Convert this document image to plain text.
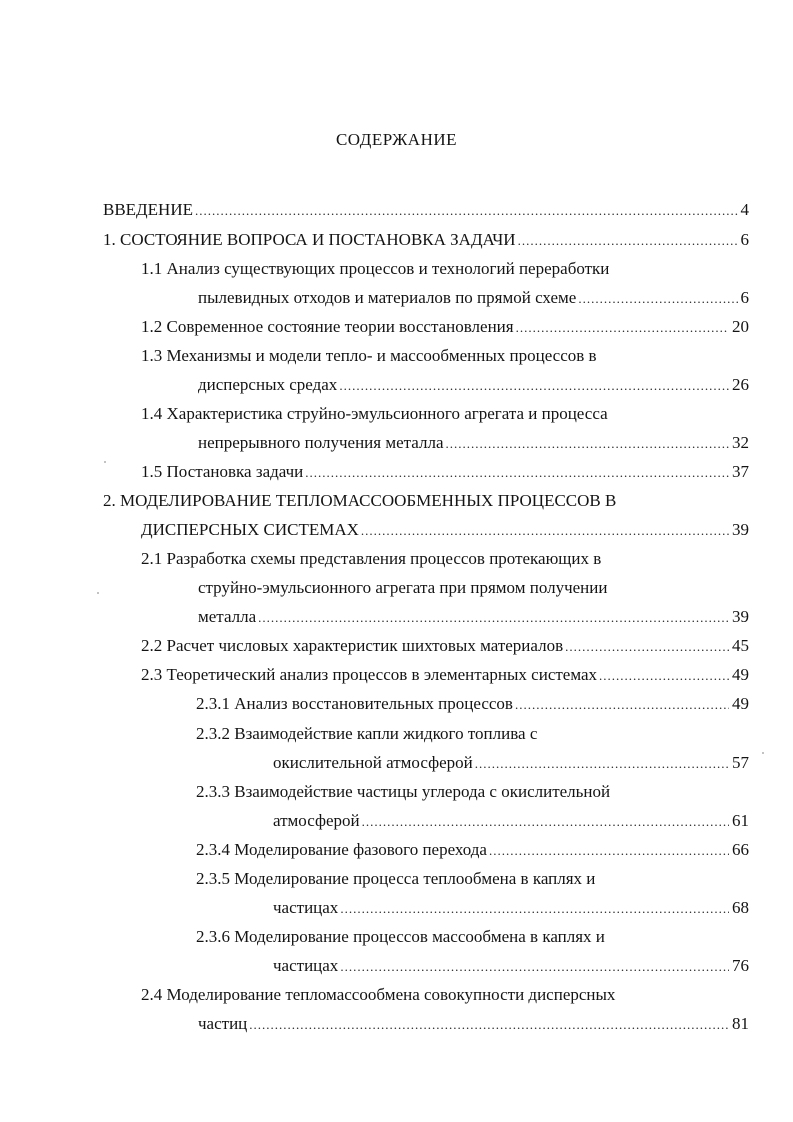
СОДЕРЖАНИЕ
ВВЕДЕНИЕ .....	4
1. СОСТОЯНИЕ ВОПРОСА И ПОСТАНОВКА ЗАДАЧИ .....	6
1.1 Анализ существующих процессов и технологий переработки
пылевидных отходов и материалов по прямой схеме .....	6
1.2 Современное состояние теории восстановления .....	20
1.3 Механизмы и модели тепло- и массообменных процессов в
дисперсных средах .....	26
1.4 Характеристика струйно-эмульсионного агрегата и процесса
непрерывного получения металла .....	32
1.5 Постановка задачи .....	37
2. МОДЕЛИРОВАНИЕ ТЕПЛОМАССООБМЕННЫХ ПРОЦЕССОВ В
ДИСПЕРСНЫХ СИСТЕМАХ .....	39
2.1 Разработка схемы представления процессов протекающих в
струйно-эмульсионного агрегата при прямом получении
металла .....	39
2.2 Расчет числовых характеристик шихтовых материалов .....	45
2.3 Теоретический анализ процессов в элементарных системах .....	49
2.3.1 Анализ восстановительных процессов .....	49
2.3.2 Взаимодействие капли жидкого топлива с
окислительной атмосферой .....	57
2.3.3 Взаимодействие частицы углерода с окислительной
атмосферой .....	61
2.3.4 Моделирование фазового перехода .....	66
2.3.5 Моделирование процесса теплообмена в каплях и
частицах .....	68
2.3.6 Моделирование процессов массообмена в каплях и
частицах .....	76
2.4 Моделирование тепломассообмена совокупности дисперсных
частиц .....	81
